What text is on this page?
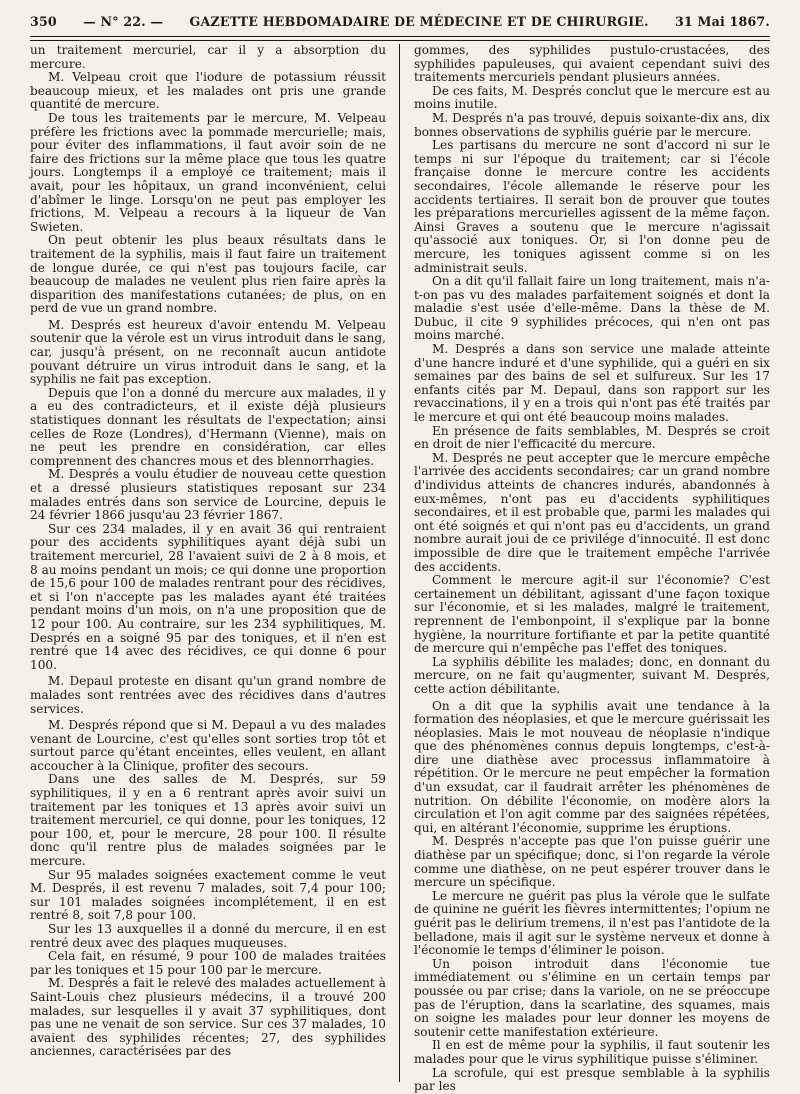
350 — N° 22. — GAZETTE HEBDOMADAIRE DE MÉDECINE ET DE CHIRURGIE. 31 Mai 1867.

un traitement mercuriel, car il y a absorption du mercure.

M. Velpeau croit que l'iodure de potassium réussit beaucoup mieux, et les malades ont pris une grande quantité de mercure.

De tous les traitements par le mercure, M. Velpeau préfère les frictions avec la pommade mercurielle; mais, pour éviter des inflammations, il faut avoir soin de ne faire des frictions sur la même place que tous les quatre jours. Longtemps il a employé ce traitement; mais il avait, pour les hôpitaux, un grand inconvénient, celui d'abîmer le linge. Lorsqu'on ne peut pas employer les frictions, M. Velpeau a recours à la liqueur de Van Swieten.

On peut obtenir les plus beaux résultats dans le traitement de la syphilis, mais il faut faire un traitement de longue durée, ce qui n'est pas toujours facile, car beaucoup de malades ne veulent plus rien faire après la disparition des manifestations cutanées; de plus, on en perd de vue un grand nombre.

M. Després est heureux d'avoir entendu M. Velpeau soutenir que la vérole est un virus introduit dans le sang, car, jusqu'à présent, on ne reconnaît aucun antidote pouvant détruire un virus introduit dans le sang, et la syphilis ne fait pas exception.

Depuis que l'on a donné du mercure aux malades, il y a eu des contradicteurs, et il existe déjà plusieurs statistiques donnant les résultats de l'expectation; ainsi celles de Roze (Londres), d'Hermann (Vienne), mais on ne peut les prendre en considération, car elles comprennent des chancres mous et des blennorrhagies.

M. Després a voulu étudier de nouveau cette question et a dressé plusieurs statistiques reposant sur 234 malades entrés dans son service de Lourcine, depuis le 24 février 1866 jusqu'au 23 février 1867.

Sur ces 234 malades, il y en avait 36 qui rentraient pour des accidents syphilitiques ayant déjà subi un traitement mercuriel, 28 l'avaient suivi de 2 à 8 mois, et 8 au moins pendant un mois; ce qui donne une proportion de 15,6 pour 100 de malades rentrant pour des récidives, et si l'on n'accepte pas les malades ayant été traitées pendant moins d'un mois, on n'a une proposition que de 12 pour 100. Au contraire, sur les 234 syphilitiques, M. Després en a soigné 95 par des toniques, et il n'en est rentré que 14 avec des récidives, ce qui donne 6 pour 100.

M. Depaul proteste en disant qu'un grand nombre de malades sont rentrées avec des récidives dans d'autres services.

M. Després répond que si M. Depaul a vu des malades venant de Lourcine, c'est qu'elles sont sorties trop tôt et surtout parce qu'étant enceintes, elles veulent, en allant accoucher à la Clinique, profiter des secours.

Dans une des salles de M. Després, sur 59 syphilitiques, il y en a 6 rentrant après avoir suivi un traitement par les toniques et 13 après avoir suivi un traitement mercuriel, ce qui donne, pour les toniques, 12 pour 100, et, pour le mercure, 28 pour 100. Il résulte donc qu'il rentre plus de malades soignées par le mercure.

Sur 95 malades soignées exactement comme le veut M. Després, il est revenu 7 malades, soit 7,4 pour 100; sur 101 malades soignées incomplétement, il en est rentré 8, soit 7,8 pour 100.

Sur les 13 auxquelles il a donné du mercure, il en est rentré deux avec des plaques muqueuses.

Cela fait, en résumé, 9 pour 100 de malades traitées par les toniques et 15 pour 100 par le mercure.

M. Després a fait le relevé des malades actuellement à Saint-Louis chez plusieurs médecins, il a trouvé 200 malades, sur lesquelles il y avait 37 syphilitiques, dont pas une ne venait de son service. Sur ces 37 malades, 10 avaient des syphilides récentes; 27, des syphilides anciennes, caractérisées par des

gommes, des syphilides pustulo-crustacées, des syphilides papuleuses, qui avaient cependant suivi des traitements mercuriels pendant plusieurs années.

De ces faits, M. Després conclut que le mercure est au moins inutile.

M. Després n'a pas trouvé, depuis soixante-dix ans, dix bonnes observations de syphilis guérie par le mercure.

Les partisans du mercure ne sont d'accord ni sur le temps ni sur l'époque du traitement; car si l'école française donne le mercure contre les accidents secondaires, l'école allemande le réserve pour les accidents tertiaires. Il serait bon de prouver que toutes les préparations mercurielles agissent de la même façon. Ainsi Graves a soutenu que le mercure n'agissait qu'associé aux toniques. Or, si l'on donne peu de mercure, les toniques agissent comme si on les administrait seuls.

On a dit qu'il fallait faire un long traitement, mais n'a-t-on pas vu des malades parfaitement soignés et dont la maladie s'est usée d'elle-même. Dans la thèse de M. Dubuc, il cite 9 syphilides précoces, qui n'en ont pas moins marché.

M. Després a dans son service une malade atteinte d'une hancre induré et d'une syphilide, qui a guéri en six semaines par des bains de sel et sulfureux. Sur les 17 enfants cités par M. Depaul, dans son rapport sur les revaccinations, il y en a trois qui n'ont pas été traités par le mercure et qui ont été beaucoup moins malades.

En présence de faits semblables, M. Després se croit en droit de nier l'efficacité du mercure.

M. Després ne peut accepter que le mercure empêche l'arrivée des accidents secondaires; car un grand nombre d'individus atteints de chancres indurés, abandonnés à eux-mêmes, n'ont pas eu d'accidents syphilitiques secondaires, et il est probable que, parmi les malades qui ont été soignés et qui n'ont pas eu d'accidents, un grand nombre aurait joui de ce privilége d'innocuité. Il est donc impossible de dire que le traitement empêche l'arrivée des accidents.

Comment le mercure agit-il sur l'économie? C'est certainement un débilitant, agissant d'une façon toxique sur l'économie, et si les malades, malgré le traitement, reprennent de l'embonpoint, il s'explique par la bonne hygiène, la nourriture fortifiante et par la petite quantité de mercure qui n'empêche pas l'effet des toniques.

La syphilis débilite les malades; donc, en donnant du mercure, on ne fait qu'augmenter, suivant M. Després, cette action débilitante.

On a dit que la syphilis avait une tendance à la formation des néoplasies, et que le mercure guérissait les néoplasies. Mais le mot nouveau de néoplasie n'indique que des phénomènes connus depuis longtemps, c'est-à-dire une diathèse avec processus inflammatoire à répétition. Or le mercure ne peut empêcher la formation d'un exsudat, car il faudrait arrêter les phénomènes de nutrition. On débilite l'économie, on modère alors la circulation et l'on agit comme par des saignées répétées, qui, en altérant l'économie, supprime les éruptions.

M. Després n'accepte pas que l'on puisse guérir une diathèse par un spécifique; donc, si l'on regarde la vérole comme une diathèse, on ne peut espérer trouver dans le mercure un spécifique.

Le mercure ne guérit pas plus la vérole que le sulfate de quinine ne guérit les fièvres intermittentes; l'opium ne guérit pas le delirium tremens, il n'est pas l'antidote de la belladone, mais il agit sur le système nerveux et donne à l'économie le temps d'éliminer le poison.

Un poison introduit dans l'économie tue immédiatement ou s'élimine en un certain temps par poussée ou par crise; dans la variole, on ne se préoccupe pas de l'éruption, dans la scarlatine, des squames, mais on soigne les malades pour leur donner les moyens de soutenir cette manifestation extérieure.

Il en est de même pour la syphilis, il faut soutenir les malades pour que le virus syphilitique puisse s'éliminer.

La scrofule, qui est presque semblable à la syphilis par les
